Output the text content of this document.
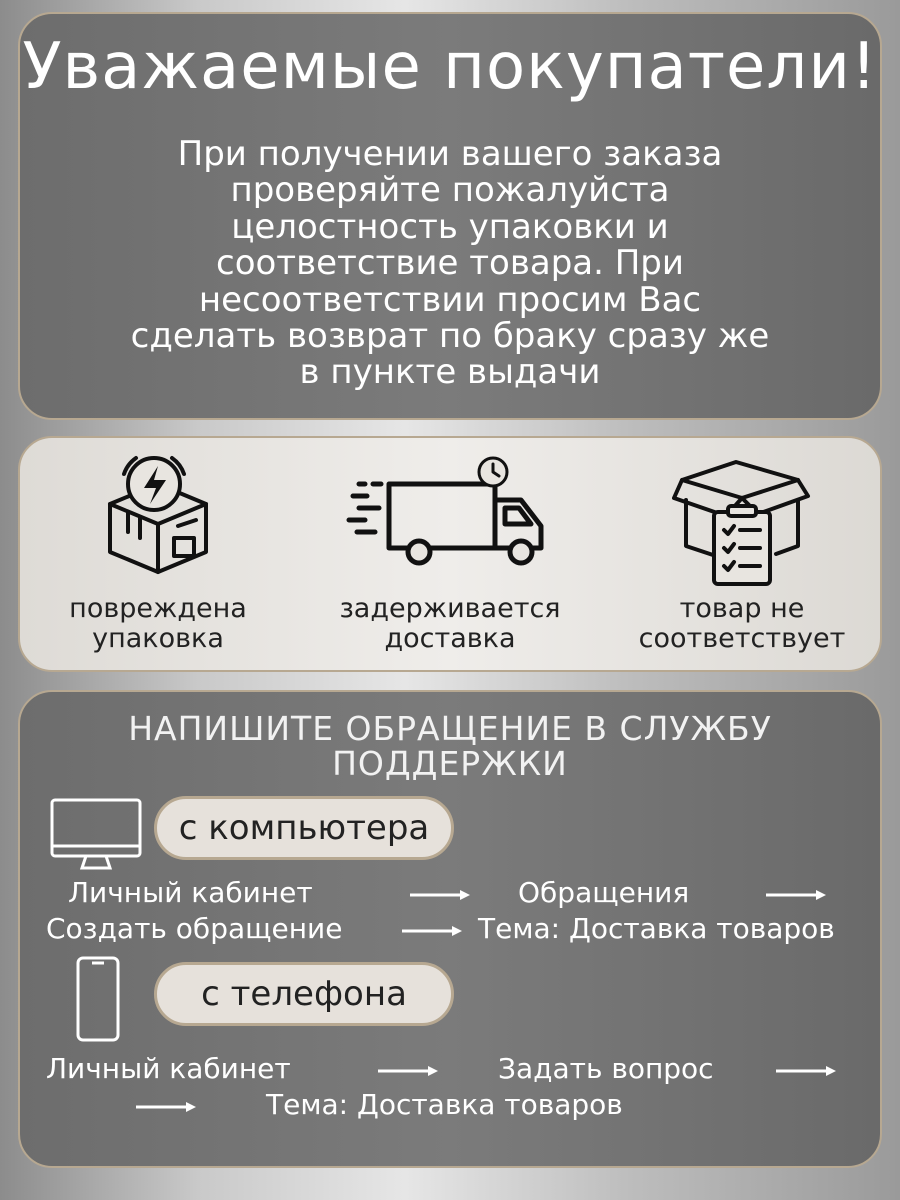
Уважаемые покупатели!
При получении вашего заказа
проверяйте пожалуйста
целостность упаковки и
соответствие товара. При
несоответствии просим Вас
сделать возврат по браку сразу же
в пункте выдачи
повреждена
упаковка
задерживается
доставка
товар не
соответствует
НАПИШИТЕ ОБРАЩЕНИЕ В СЛУЖБУ
ПОДДЕРЖКИ
с компьютера
Личный кабинет	Обращения
Создать обращение	Тема: Доставка товаров
с телефона
Личный кабинет	Задать вопрос
Тема: Доставка товаров
